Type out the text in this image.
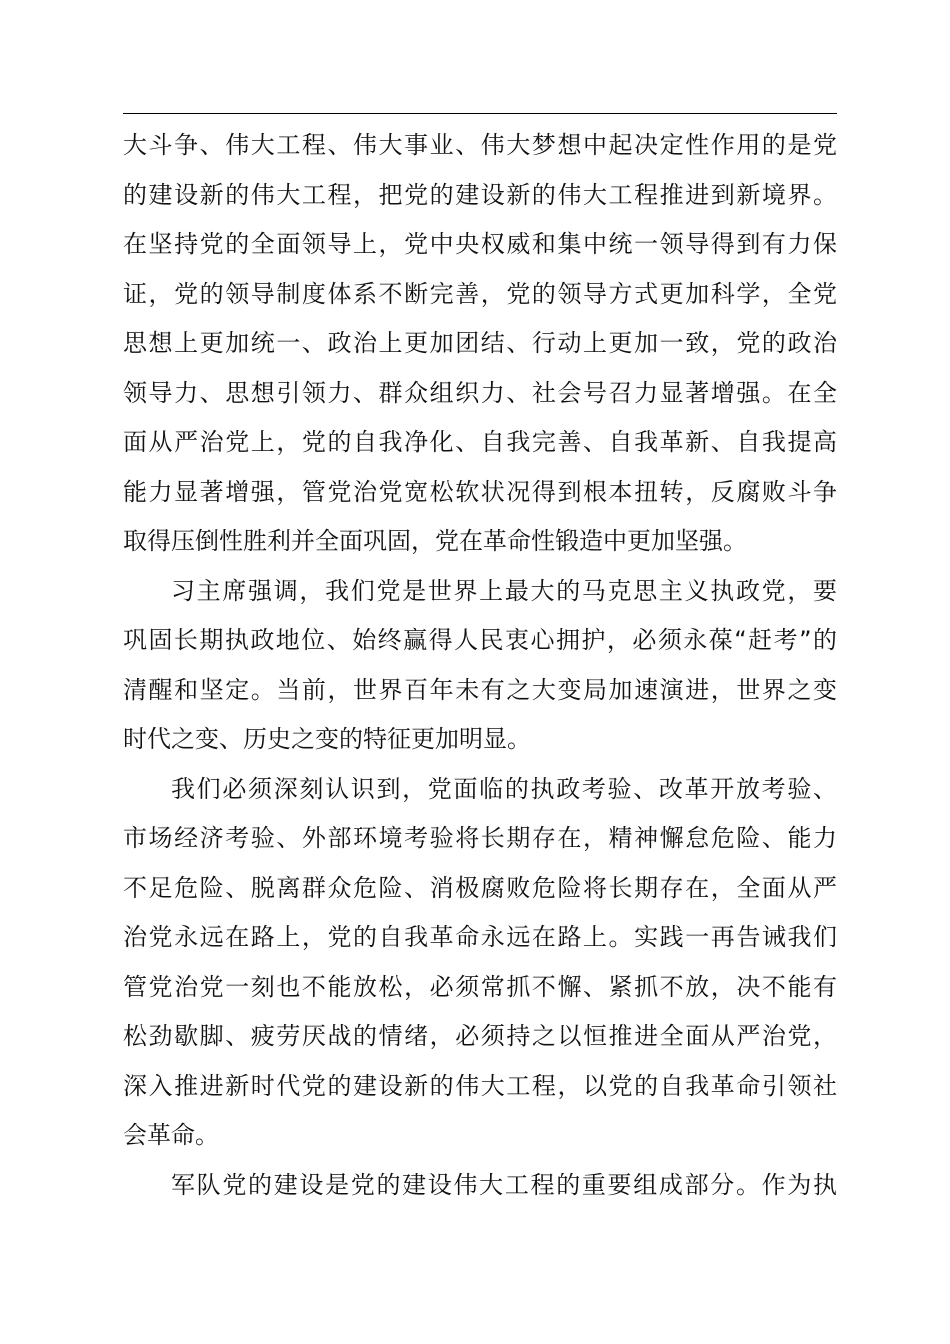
大斗争、伟大工程、伟大事业、伟大梦想中起决定性作用的是党
的建设新的伟大工程，把党的建设新的伟大工程推进到新境界。
在坚持党的全面领导上，党中央权威和集中统一领导得到有力保
证，党的领导制度体系不断完善，党的领导方式更加科学，全党
思想上更加统一、政治上更加团结、行动上更加一致，党的政治
领导力、思想引领力、群众组织力、社会号召力显著增强。在全
面从严治党上，党的自我净化、自我完善、自我革新、自我提高
能力显著增强，管党治党宽松软状况得到根本扭转，反腐败斗争
取得压倒性胜利并全面巩固，党在革命性锻造中更加坚强。
习主席强调，我们党是世界上最大的马克思主义执政党，要
巩固长期执政地位、始终赢得人民衷心拥护，必须永葆“赶考”的
清醒和坚定。当前，世界百年未有之大变局加速演进，世界之变
时代之变、历史之变的特征更加明显。
我们必须深刻认识到，党面临的执政考验、改革开放考验、
市场经济考验、外部环境考验将长期存在，精神懈怠危险、能力
不足危险、脱离群众危险、消极腐败危险将长期存在，全面从严
治党永远在路上，党的自我革命永远在路上。实践一再告诫我们
管党治党一刻也不能放松，必须常抓不懈、紧抓不放，决不能有
松劲歇脚、疲劳厌战的情绪，必须持之以恒推进全面从严治党，
深入推进新时代党的建设新的伟大工程，以党的自我革命引领社
会革命。
军队党的建设是党的建设伟大工程的重要组成部分。作为执
